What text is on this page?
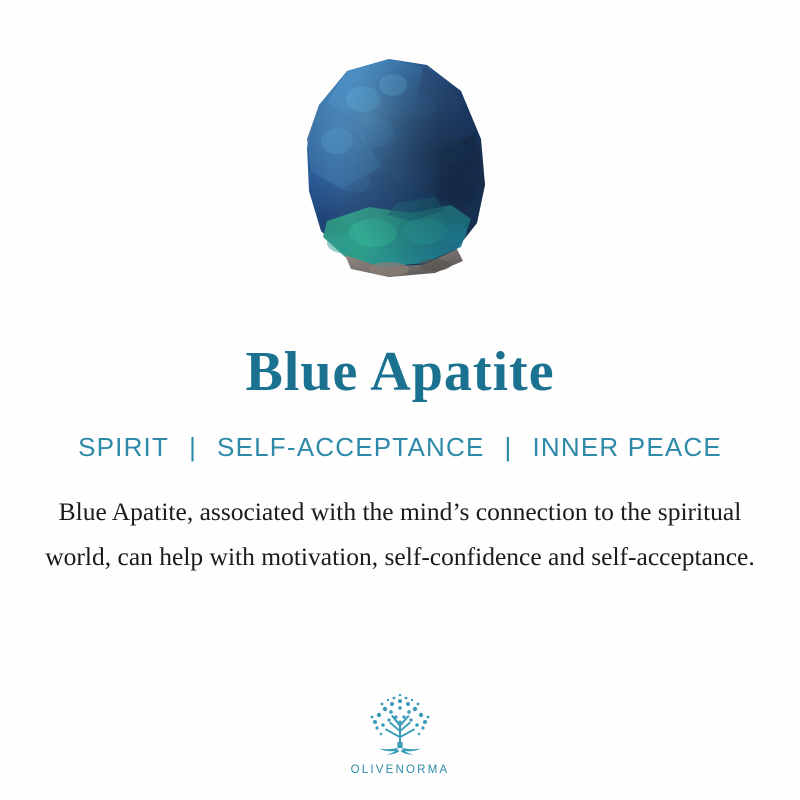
Blue Apatite
SPIRIT | SELF-ACCEPTANCE | INNER PEACE
Blue Apatite, associated with the mind’s connection to the spiritual world, can help with motivation, self-confidence and self-acceptance.
OLIVENORMA
